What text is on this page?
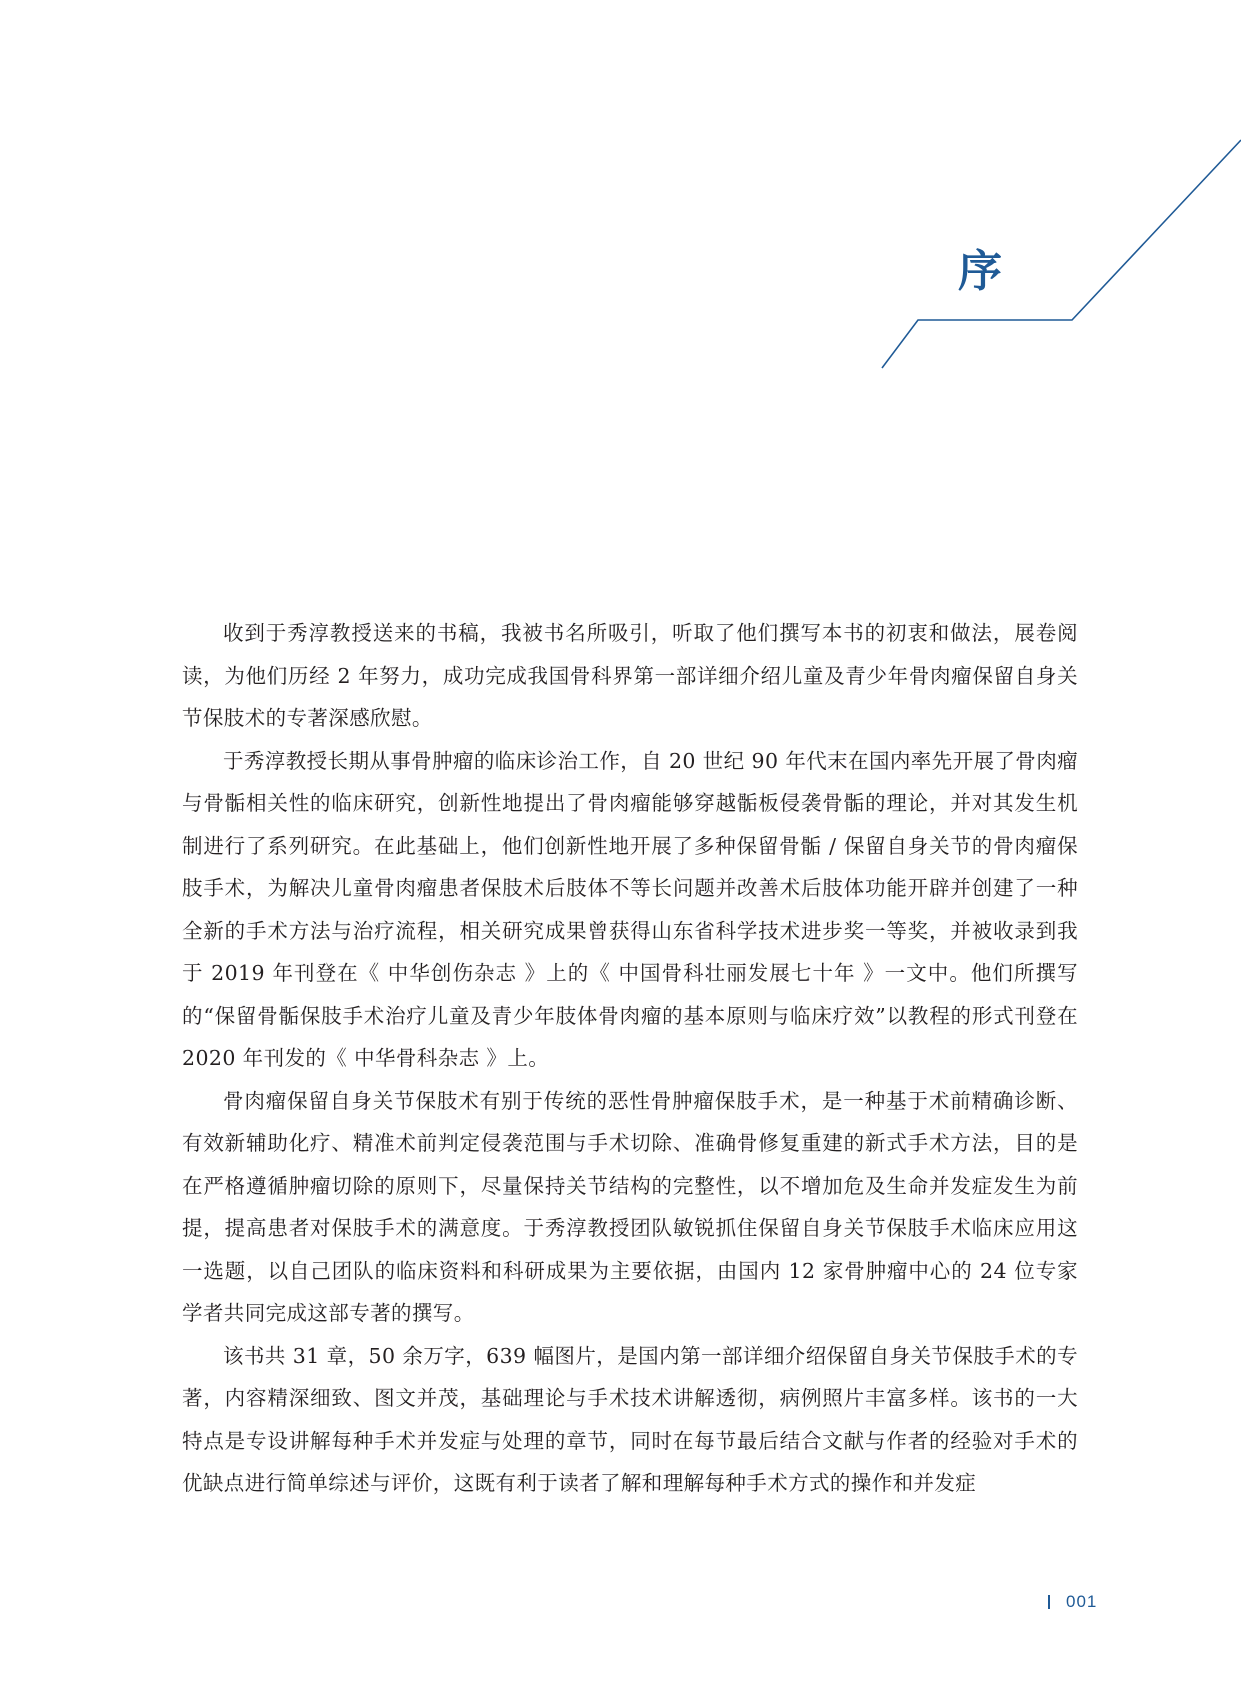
序

收到于秀淳教授送来的书稿，我被书名所吸引，听取了他们撰写本书的初衷和做法，展卷阅读，为他们历经 2 年努力，成功完成我国骨科界第一部详细介绍儿童及青少年骨肉瘤保留自身关节保肢术的专著深感欣慰。

于秀淳教授长期从事骨肿瘤的临床诊治工作，自 20 世纪 90 年代末在国内率先开展了骨肉瘤与骨骺相关性的临床研究，创新性地提出了骨肉瘤能够穿越骺板侵袭骨骺的理论，并对其发生机制进行了系列研究。在此基础上，他们创新性地开展了多种保留骨骺 / 保留自身关节的骨肉瘤保肢手术，为解决儿童骨肉瘤患者保肢术后肢体不等长问题并改善术后肢体功能开辟并创建了一种全新的手术方法与治疗流程，相关研究成果曾获得山东省科学技术进步奖一等奖，并被收录到我于 2019 年刊登在《 中华创伤杂志 》上的《 中国骨科壮丽发展七十年 》一文中。他们所撰写的“保留骨骺保肢手术治疗儿童及青少年肢体骨肉瘤的基本原则与临床疗效”以教程的形式刊登在 2020 年刊发的《 中华骨科杂志 》上。

骨肉瘤保留自身关节保肢术有别于传统的恶性骨肿瘤保肢手术，是一种基于术前精确诊断、有效新辅助化疗、精准术前判定侵袭范围与手术切除、准确骨修复重建的新式手术方法，目的是在严格遵循肿瘤切除的原则下，尽量保持关节结构的完整性，以不增加危及生命并发症发生为前提，提高患者对保肢手术的满意度。于秀淳教授团队敏锐抓住保留自身关节保肢手术临床应用这一选题，以自己团队的临床资料和科研成果为主要依据，由国内 12 家骨肿瘤中心的 24 位专家学者共同完成这部专著的撰写。

该书共 31 章，50 余万字，639 幅图片，是国内第一部详细介绍保留自身关节保肢手术的专著，内容精深细致、图文并茂，基础理论与手术技术讲解透彻，病例照片丰富多样。该书的一大特点是专设讲解每种手术并发症与处理的章节，同时在每节最后结合文献与作者的经验对手术的优缺点进行简单综述与评价，这既有利于读者了解和理解每种手术方式的操作和并发症

001
